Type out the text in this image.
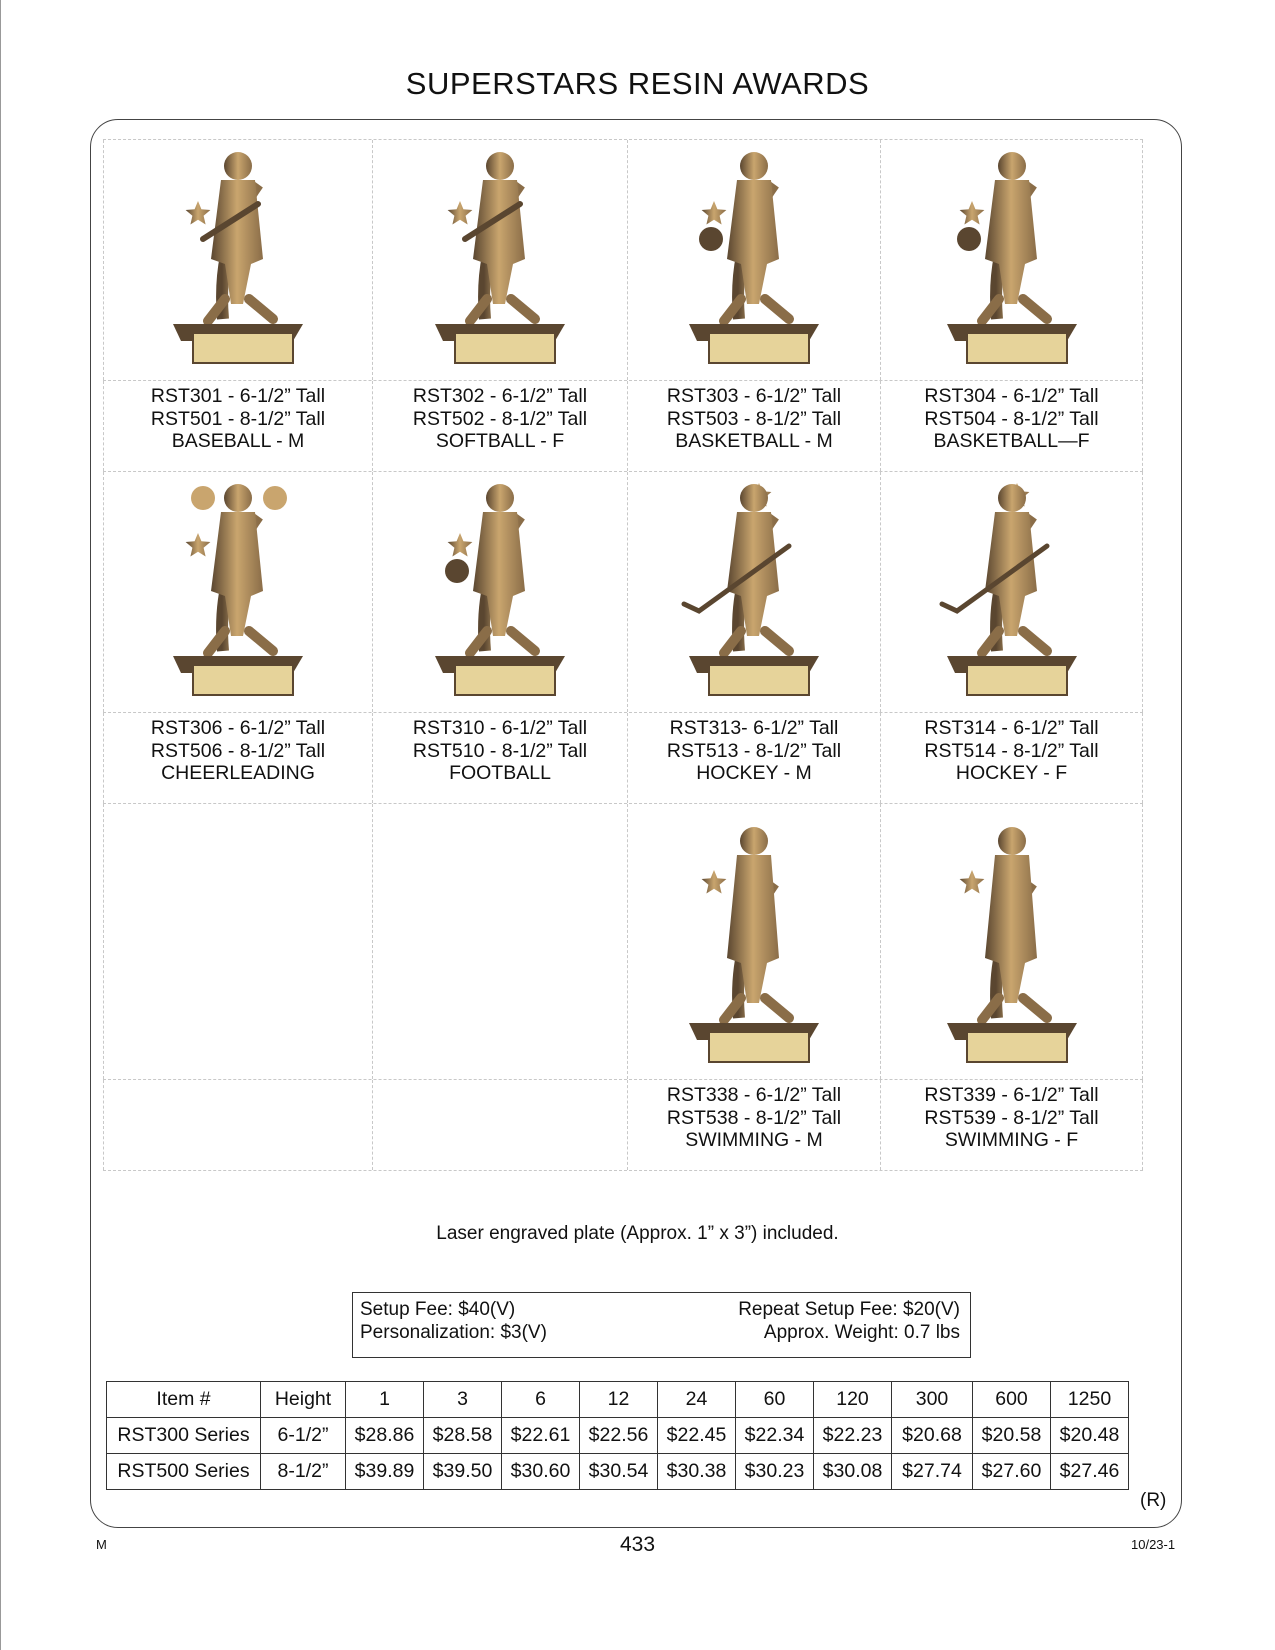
SUPERSTARS RESIN AWARDS
RST301 - 6-1/2” Tall
RST501 - 8-1/2” Tall
BASEBALL - M
RST302 - 6-1/2” Tall
RST502 - 8-1/2” Tall
SOFTBALL - F
RST303 - 6-1/2” Tall
RST503 - 8-1/2” Tall
BASKETBALL - M
RST304 - 6-1/2” Tall
RST504 - 8-1/2” Tall
BASKETBALL—F
RST306 - 6-1/2” Tall
RST506 - 8-1/2” Tall
CHEERLEADING
RST310 - 6-1/2” Tall
RST510 - 8-1/2” Tall
FOOTBALL
RST313- 6-1/2” Tall
RST513 - 8-1/2” Tall
HOCKEY - M
RST314 - 6-1/2” Tall
RST514 - 8-1/2” Tall
HOCKEY - F
RST338 - 6-1/2” Tall
RST538 - 8-1/2” Tall
SWIMMING - M
RST339 - 6-1/2” Tall
RST539 - 8-1/2” Tall
SWIMMING - F
Laser engraved plate (Approx. 1” x 3”) included.
Setup Fee: $40(V)	Repeat Setup Fee: $20(V)
Personalization: $3(V)	Approx. Weight: 0.7 lbs
Item #	Height	1	3	6	12	24	60	120	300	600	1250
RST300 Series	6-1/2”	$28.86	$28.58	$22.61	$22.56	$22.45	$22.34	$22.23	$20.68	$20.58	$20.48
RST500 Series	8-1/2”	$39.89	$39.50	$30.60	$30.54	$30.38	$30.23	$30.08	$27.74	$27.60	$27.46
(R)
M	433	10/23-1
